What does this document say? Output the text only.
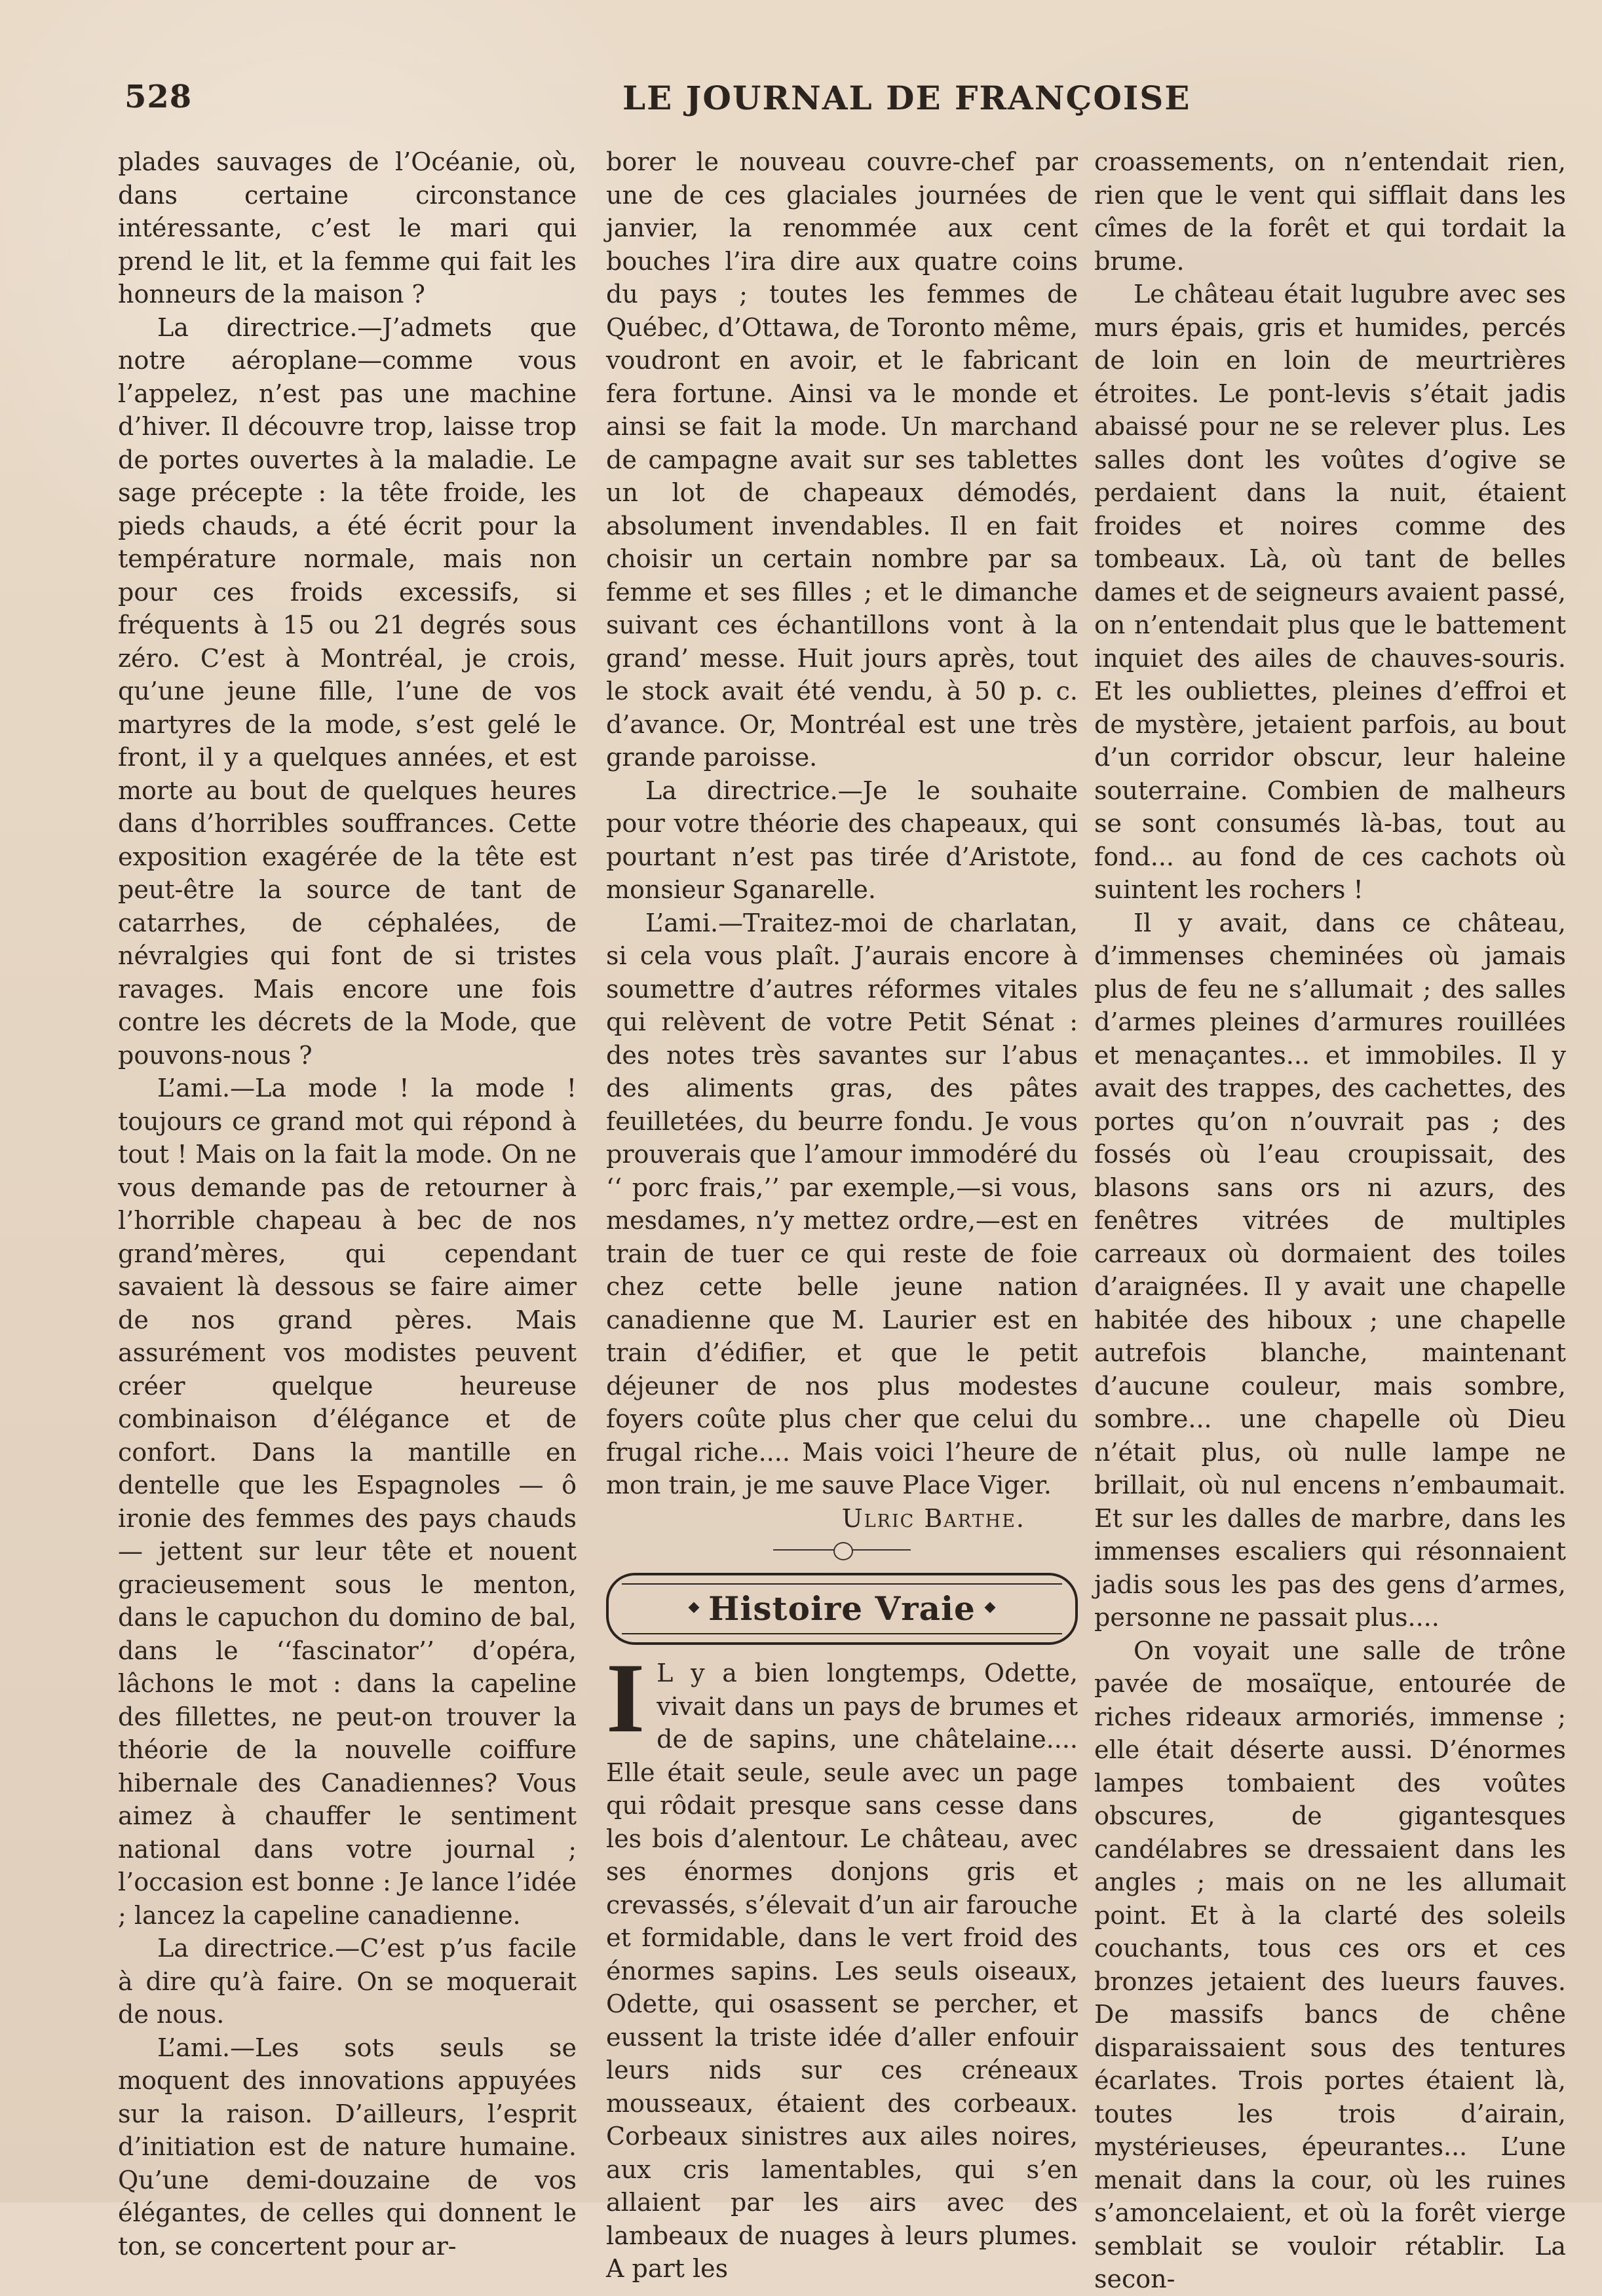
528	LE JOURNAL DE FRANÇOISE

plades sauvages de l’Océanie, où, dans certaine circonstance intéressante, c’est le mari qui prend le lit, et la femme qui fait les honneurs de la maison ?

La directrice.—J’admets que notre aéroplane—comme vous l’appelez, n’est pas une machine d’hiver. Il découvre trop, laisse trop de portes ouvertes à la maladie. Le sage précepte : la tête froide, les pieds chauds, a été écrit pour la température normale, mais non pour ces froids excessifs, si fréquents à 15 ou 21 degrés sous zéro. C’est à Montréal, je crois, qu’une jeune fille, l’une de vos martyres de la mode, s’est gelé le front, il y a quelques années, et est morte au bout de quelques heures dans d’horribles souffrances. Cette exposition exagérée de la tête est peut-être la source de tant de catarrhes, de céphalées, de névralgies qui font de si tristes ravages. Mais encore une fois contre les décrets de la Mode, que pouvons-nous ?

L’ami.—La mode ! la mode ! toujours ce grand mot qui répond à tout ! Mais on la fait la mode. On ne vous demande pas de retourner à l’horrible chapeau à bec de nos grand’mères, qui cependant savaient là dessous se faire aimer de nos grand pères. Mais assurément vos modistes peuvent créer quelque heureuse combinaison d’élégance et de confort. Dans la mantille en dentelle que les Espagnoles — ô ironie des femmes des pays chauds— jettent sur leur tête et nouent gracieusement sous le menton, dans le capuchon du domino de bal, dans le ‘‘fascinator’’ d’opéra, lâchons le mot : dans la capeline des fillettes, ne peut-on trouver la théorie de la nouvelle coiffure hibernale des Canadiennes? Vous aimez à chauffer le sentiment national dans votre journal ; l’occasion est bonne : Je lance l’idée ; lancez la capeline canadienne.

La directrice.—C’est p’us facile à dire qu’à faire. On se moquerait de nous.

L’ami.—Les sots seuls se moquent des innovations appuyées sur la raison. D’ailleurs, l’esprit d’initiation est de nature humaine. Qu’une demi-douzaine de vos élégantes, de celles qui donnent le ton, se concertent pour ar-

borer le nouveau couvre-chef par une de ces glaciales journées de janvier, la renommée aux cent bouches l’ira dire aux quatre coins du pays ; toutes les femmes de Québec, d’Ottawa, de Toronto même, voudront en avoir, et le fabricant fera fortune. Ainsi va le monde et ainsi se fait la mode. Un marchand de campagne avait sur ses tablettes un lot de chapeaux démodés, absolument invendables. Il en fait choisir un certain nombre par sa femme et ses filles ; et le dimanche suivant ces échantillons vont à la grand’ messe. Huit jours après, tout le stock avait été vendu, à 50 p. c. d’avance. Or, Montréal est une très grande paroisse.

La directrice.—Je le souhaite pour votre théorie des chapeaux, qui pourtant n’est pas tirée d’Aristote, monsieur Sganarelle.

L’ami.—Traitez-moi de charlatan, si cela vous plaît. J’aurais encore à soumettre d’autres réformes vitales qui relèvent de votre Petit Sénat : des notes très savantes sur l’abus des aliments gras, des pâtes feuilletées, du beurre fondu. Je vous prouverais que l’amour immodéré du ‘‘ porc frais,’’ par exemple,—si vous, mesdames, n’y mettez ordre,—est en train de tuer ce qui reste de foie chez cette belle jeune nation canadienne que M. Laurier est en train d’édifier, et que le petit déjeuner de nos plus modestes foyers coûte plus cher que celui du frugal riche.... Mais voici l’heure de mon train, je me sauve Place Viger.

Ulric Barthe.

Histoire Vraie

I L y a bien longtemps, Odette, vivait dans un pays de brumes et de de sapins, une châtelaine.... Elle était seule, seule avec un page qui rôdait presque sans cesse dans les bois d’alentour. Le château, avec ses énormes donjons gris et crevassés, s’élevait d’un air farouche et formidable, dans le vert froid des énormes sapins. Les seuls oiseaux, Odette, qui osassent se percher, et eussent la triste idée d’aller enfouir leurs nids sur ces créneaux mousseaux, étaient des corbeaux. Corbeaux sinistres aux ailes noires, aux cris lamentables, qui s’en allaient par les airs avec des lambeaux de nuages à leurs plumes. A part les

croassements, on n’entendait rien, rien que le vent qui sifflait dans les cîmes de la forêt et qui tordait la brume.

Le château était lugubre avec ses murs épais, gris et humides, percés de loin en loin de meurtrières étroites. Le pont-levis s’était jadis abaissé pour ne se relever plus. Les salles dont les voûtes d’ogive se perdaient dans la nuit, étaient froides et noires comme des tombeaux. Là, où tant de belles dames et de seigneurs avaient passé, on n’entendait plus que le battement inquiet des ailes de chauves-souris. Et les oubliettes, pleines d’effroi et de mystère, jetaient parfois, au bout d’un corridor obscur, leur haleine souterraine. Combien de malheurs se sont consumés là-bas, tout au fond... au fond de ces cachots où suintent les rochers !

Il y avait, dans ce château, d’immenses cheminées où jamais plus de feu ne s’allumait ; des salles d’armes pleines d’armures rouillées et menaçantes... et immobiles. Il y avait des trappes, des cachettes, des portes qu’on n’ouvrait pas ; des fossés où l’eau croupissait, des blasons sans ors ni azurs, des fenêtres vitrées de multiples carreaux où dormaient des toiles d’araignées. Il y avait une chapelle habitée des hiboux ; une chapelle autrefois blanche, maintenant d’aucune couleur, mais sombre, sombre... une chapelle où Dieu n’était plus, où nulle lampe ne brillait, où nul encens n’embaumait. Et sur les dalles de marbre, dans les immenses escaliers qui résonnaient jadis sous les pas des gens d’armes, personne ne passait plus....

On voyait une salle de trône pavée de mosaïque, entourée de riches rideaux armoriés, immense ; elle était déserte aussi. D’énormes lampes tombaient des voûtes obscures, de gigantesques candélabres se dressaient dans les angles ; mais on ne les allumait point. Et à la clarté des soleils couchants, tous ces ors et ces bronzes jetaient des lueurs fauves. De massifs bancs de chêne disparaissaient sous des tentures écarlates. Trois portes étaient là, toutes les trois d’airain, mystérieuses, épeurantes... L’une menait dans la cour, où les ruines s’amoncelaient, et où la forêt vierge semblait se vouloir rétablir. La secon-
